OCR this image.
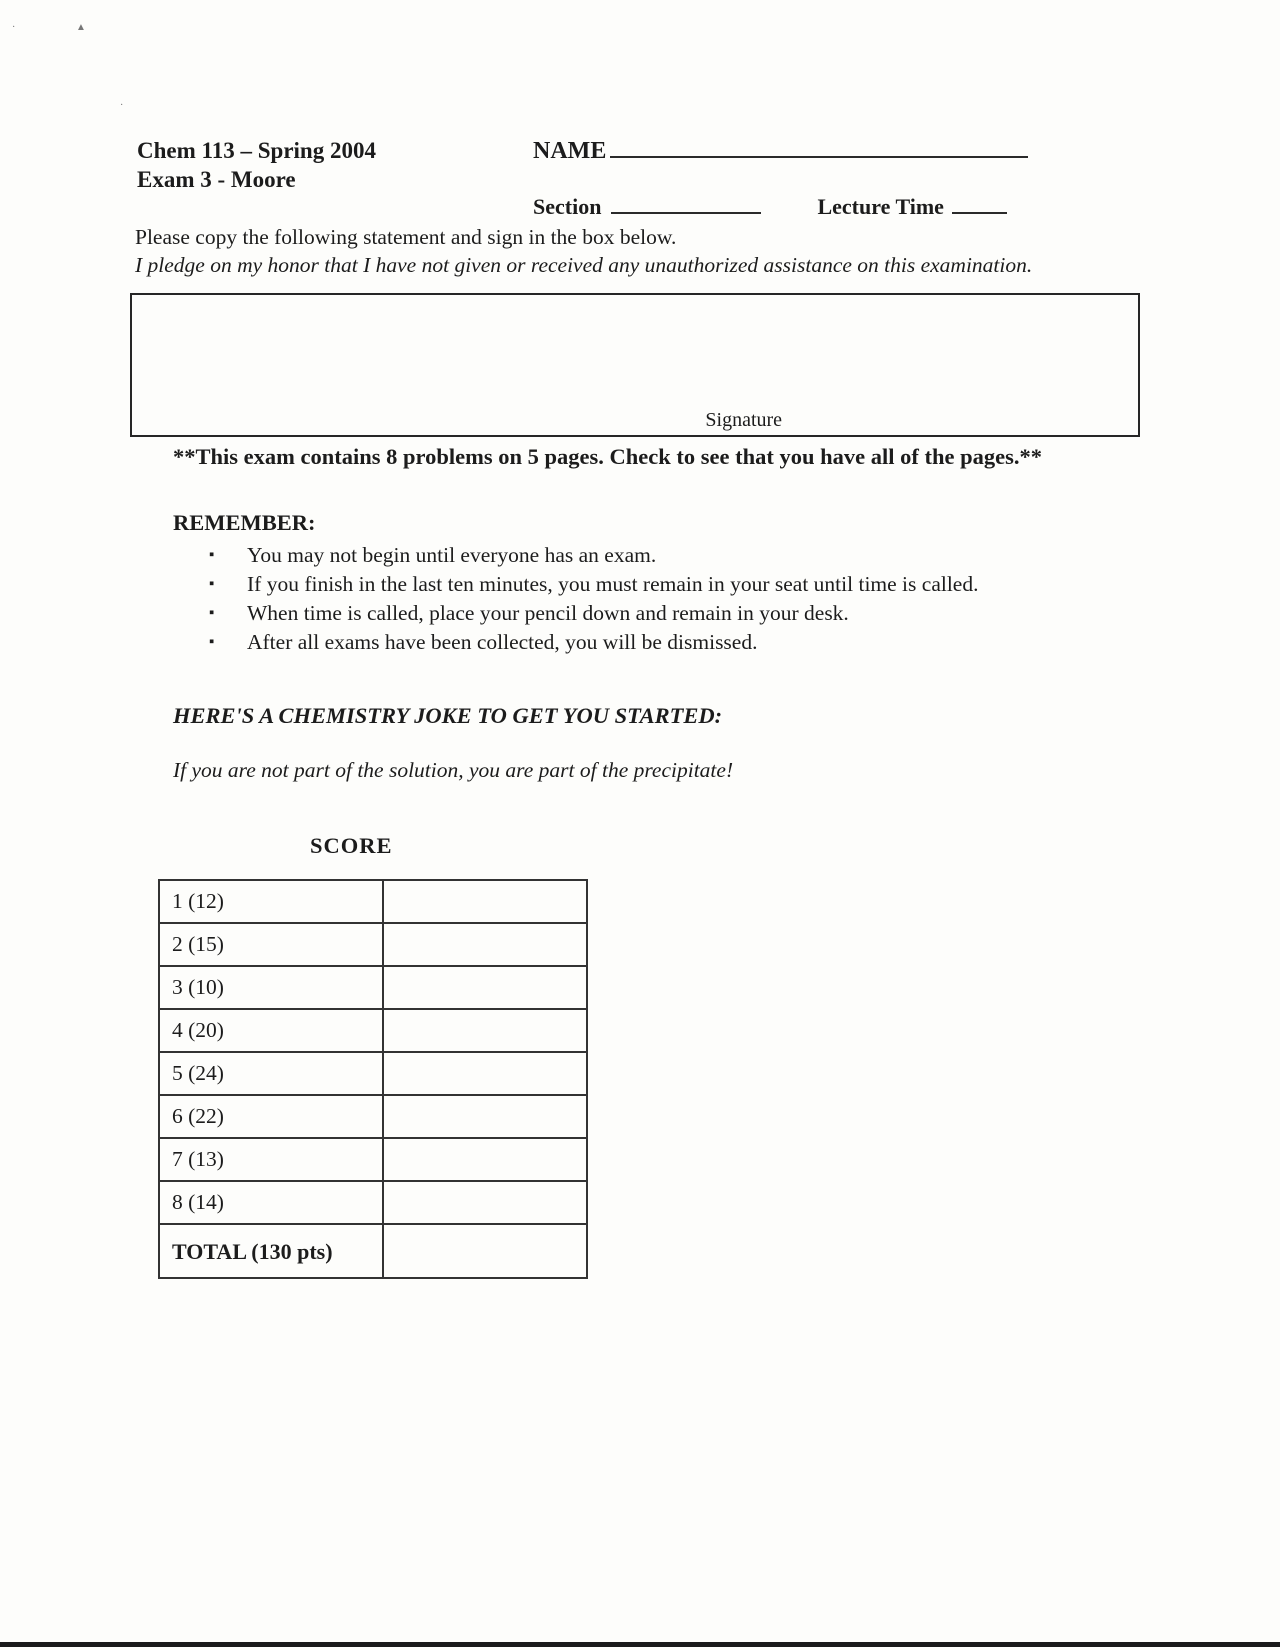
·	▲︎
·
Chem 113 – Spring 2004
Exam 3 - Moore
NAME
Section	Lecture Time

Please copy the following statement and sign in the box below.

I pledge on my honor that I have not given or received any unauthorized assistance on this examination.

Signature

**This exam contains 8 problems on 5 pages. Check to see that you have all of the pages.**

REMEMBER:
▪ You may not begin until everyone has an exam.
▪ If you finish in the last ten minutes, you must remain in your seat until time is called.
▪ When time is called, place your pencil down and remain in your desk.
▪ After all exams have been collected, you will be dismissed.
HERE'S A CHEMISTRY JOKE TO GET YOU STARTED:

If you are not part of the solution, you are part of the precipitate!

SCORE
1 (12)	
2 (15)	
3 (10)	
4 (20)	
5 (24)	
6 (22)	
7 (13)	
8 (14)	
TOTAL (130 pts)	
